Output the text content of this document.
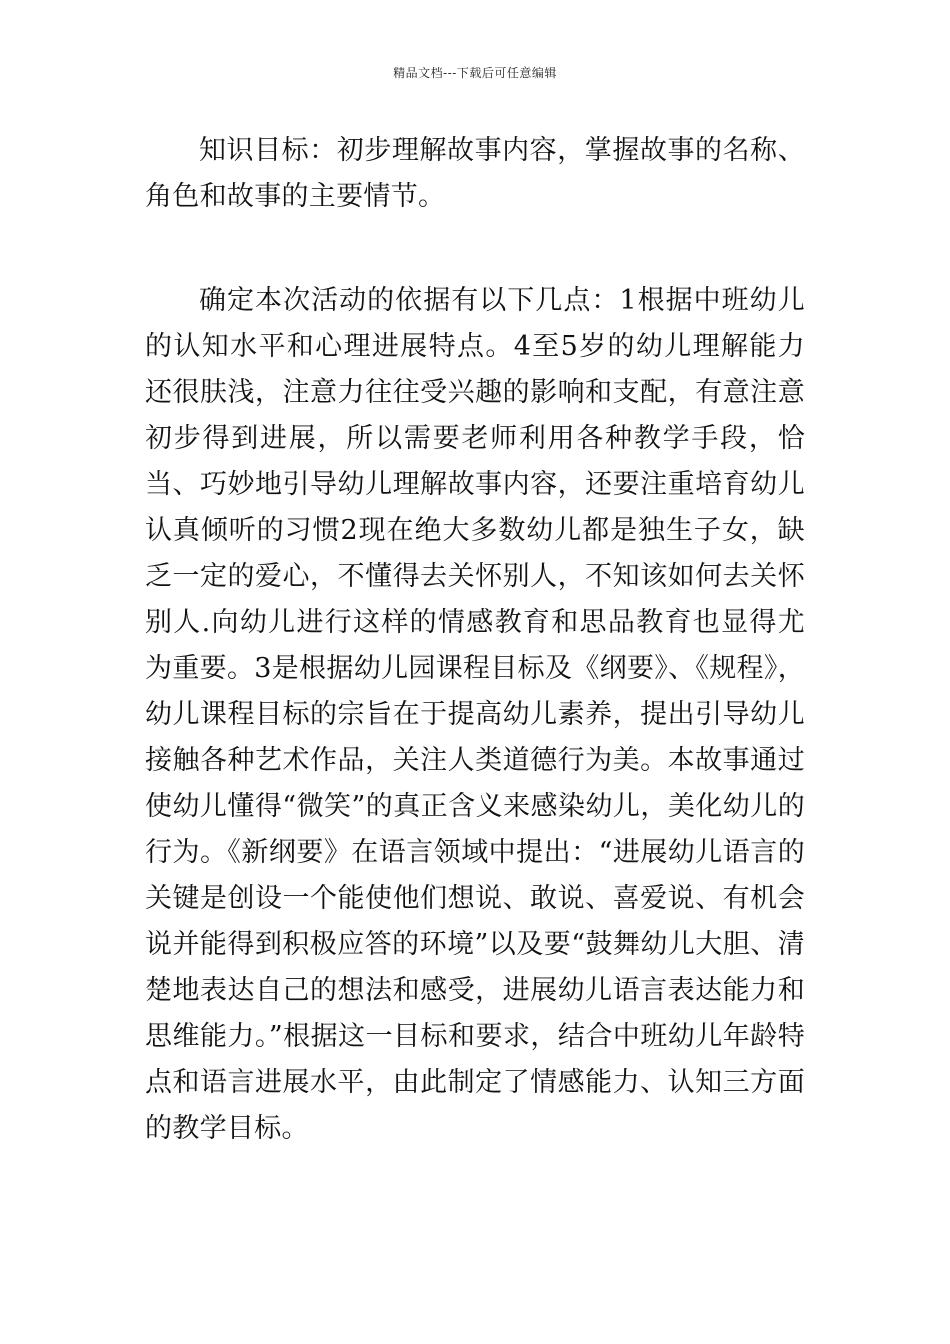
精品文档---下载后可任意编辑

知识目标：初步理解故事内容，掌握故事的名称、角色和故事的主要情节。

确定本次活动的依据有以下几点：1根据中班幼儿的认知水平和心理进展特点。4至5岁的幼儿理解能力还很肤浅，注意力往往受兴趣的影响和支配，有意注意初步得到进展，所以需要老师利用各种教学手段，恰当、巧妙地引导幼儿理解故事内容，还要注重培育幼儿认真倾听的习惯2现在绝大多数幼儿都是独生子女，缺乏一定的爱心，不懂得去关怀别人，不知该如何去关怀别人.向幼儿进行这样的情感教育和思品教育也显得尤为重要。3是根据幼儿园课程目标及《纲要》、《规程》，幼儿课程目标的宗旨在于提高幼儿素养，提出引导幼儿接触各种艺术作品，关注人类道德行为美。本故事通过使幼儿懂得“微笑”的真正含义来感染幼儿，美化幼儿的行为。《新纲要》在语言领域中提出：“进展幼儿语言的关键是创设一个能使他们想说、敢说、喜爱说、有机会说并能得到积极应答的环境”以及要“鼓舞幼儿大胆、清楚地表达自己的想法和感受，进展幼儿语言表达能力和思维能力。”根据这一目标和要求，结合中班幼儿年龄特点和语言进展水平，由此制定了情感能力、认知三方面的教学目标。
